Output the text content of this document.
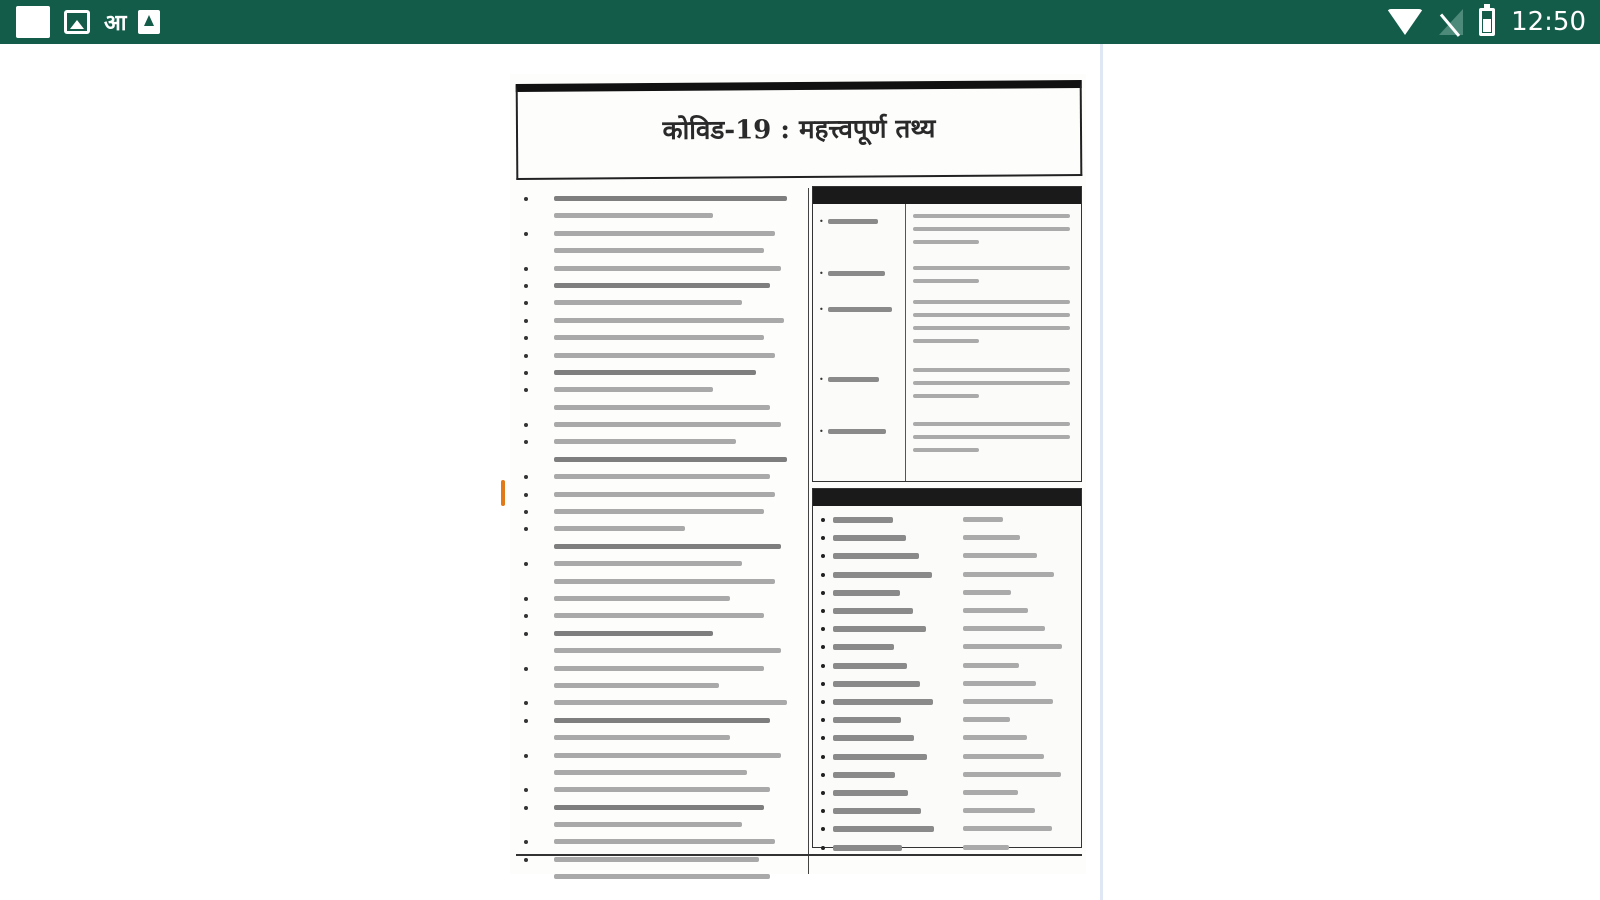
आ	12:50
कोविड-19 : महत्त्वपूर्ण तथ्य
•
•
•
•
•
